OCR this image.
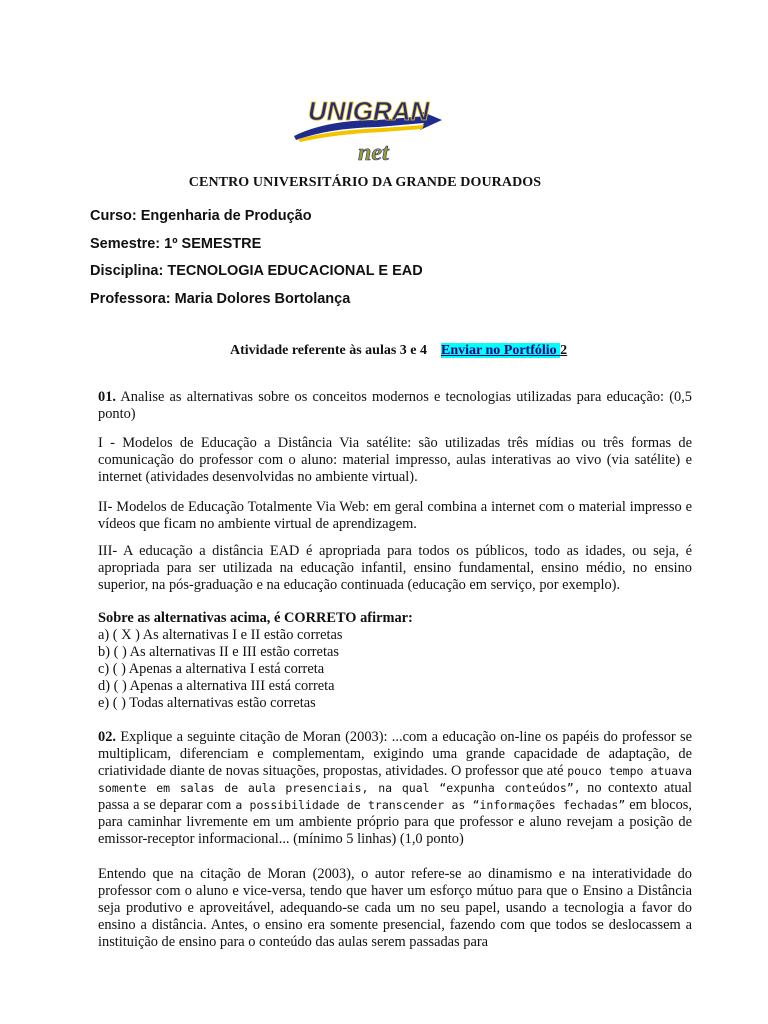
UNIGRAN
net
CENTRO UNIVERSITÁRIO DA GRANDE DOURADOS
Curso: Engenharia de Produção
Semestre: 1º SEMESTRE
Disciplina: TECNOLOGIA EDUCACIONAL E EAD
Professora: Maria Dolores Bortolança
Atividade referente às aulas 3 e 4 Enviar no Portfólio 2

01. Analise as alternativas sobre os conceitos modernos e tecnologias utilizadas para educação: (0,5 ponto)

I - Modelos de Educação a Distância Via satélite: são utilizadas três mídias ou três formas de comunicação do professor com o aluno: material impresso, aulas interativas ao vivo (via satélite) e internet (atividades desenvolvidas no ambiente virtual).

II- Modelos de Educação Totalmente Via Web: em geral combina a internet com o material impresso e vídeos que ficam no ambiente virtual de aprendizagem.

III- A educação a distância EAD é apropriada para todos os públicos, todo as idades, ou seja, é apropriada para ser utilizada na educação infantil, ensino fundamental, ensino médio, no ensino superior, na pós-graduação e na educação continuada (educação em serviço, por exemplo).

Sobre as alternativas acima, é CORRETO afirmar:
a) ( X ) As alternativas I e II estão corretas
b) ( ) As alternativas II e III estão corretas
c) ( ) Apenas a alternativa I está correta
d) ( ) Apenas a alternativa III está correta
e) ( ) Todas alternativas estão corretas

02. Explique a seguinte citação de Moran (2003): ...com a educação on-line os papéis do professor se multiplicam, diferenciam e complementam, exigindo uma grande capacidade de adaptação, de criatividade diante de novas situações, propostas, atividades. O professor que até pouco tempo atuava somente em salas de aula presenciais, na qual “expunha conteúdos”, no contexto atual passa a se deparar com a possibilidade de transcender as “informações fechadas” em blocos, para caminhar livremente em um ambiente próprio para que professor e aluno revejam a posição de emissor-receptor informacional... (mínimo 5 linhas) (1,0 ponto)

Entendo que na citação de Moran (2003), o autor refere-se ao dinamismo e na interatividade do professor com o aluno e vice-versa, tendo que haver um esforço mútuo para que o Ensino a Distância seja produtivo e aproveitável, adequando-se cada um no seu papel, usando a tecnologia a favor do ensino a distância. Antes, o ensino era somente presencial, fazendo com que todos se deslocassem a instituição de ensino para o conteúdo das aulas serem passadas para
